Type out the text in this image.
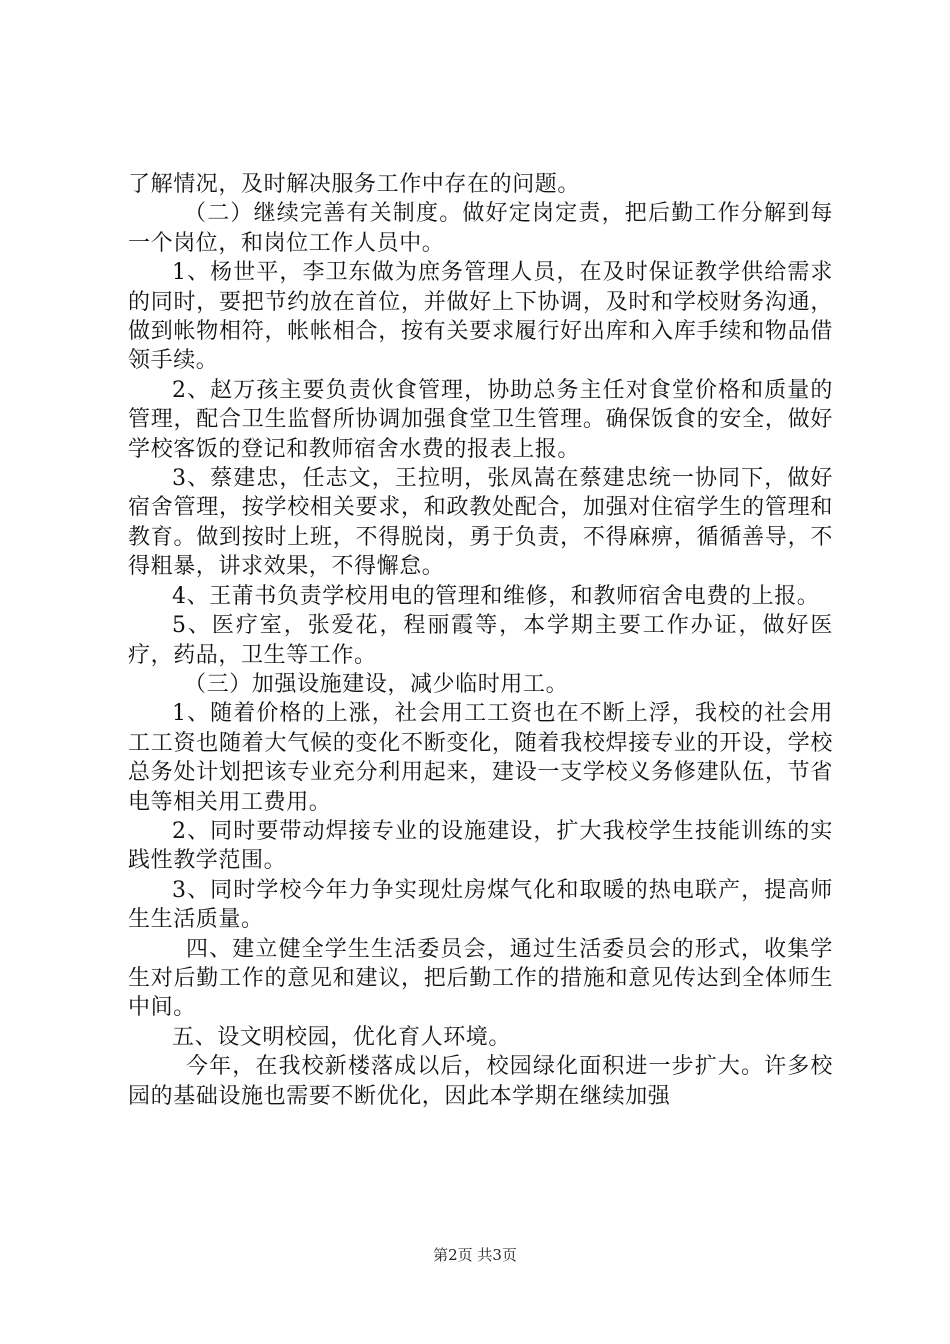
了解情况，及时解决服务工作中存在的问题。

（二）继续完善有关制度。做好定岗定责，把后勤工作分解到每一个岗位，和岗位工作人员中。

1、杨世平，李卫东做为庶务管理人员，在及时保证教学供给需求的同时，要把节约放在首位，并做好上下协调，及时和学校财务沟通，做到帐物相符，帐帐相合，按有关要求履行好出库和入库手续和物品借领手续。

2、赵万孩主要负责伙食管理，协助总务主任对食堂价格和质量的管理，配合卫生监督所协调加强食堂卫生管理。确保饭食的安全，做好学校客饭的登记和教师宿舍水费的报表上报。

3、蔡建忠，任志文，王拉明，张凤嵩在蔡建忠统一协同下，做好宿舍管理，按学校相关要求，和政教处配合，加强对住宿学生的管理和教育。做到按时上班，不得脱岗，勇于负责，不得麻痹，循循善导，不得粗暴，讲求效果，不得懈怠。

4、王莆书负责学校用电的管理和维修，和教师宿舍电费的上报。

5、医疗室，张爱花，程丽霞等，本学期主要工作办证，做好医疗，药品，卫生等工作。

（三）加强设施建设，减少临时用工。

1、随着价格的上涨，社会用工工资也在不断上浮，我校的社会用工工资也随着大气候的变化不断变化，随着我校焊接专业的开设，学校总务处计划把该专业充分利用起来，建设一支学校义务修建队伍，节省电等相关用工费用。

2、同时要带动焊接专业的设施建设，扩大我校学生技能训练的实践性教学范围。

3、同时学校今年力争实现灶房煤气化和取暖的热电联产，提高师生生活质量。

四、建立健全学生生活委员会，通过生活委员会的形式，收集学生对后勤工作的意见和建议，把后勤工作的措施和意见传达到全体师生中间。

五、设文明校园，优化育人环境。

今年，在我校新楼落成以后，校园绿化面积进一步扩大。许多校园的基础设施也需要不断优化，因此本学期在继续加强

第2页 共3页
